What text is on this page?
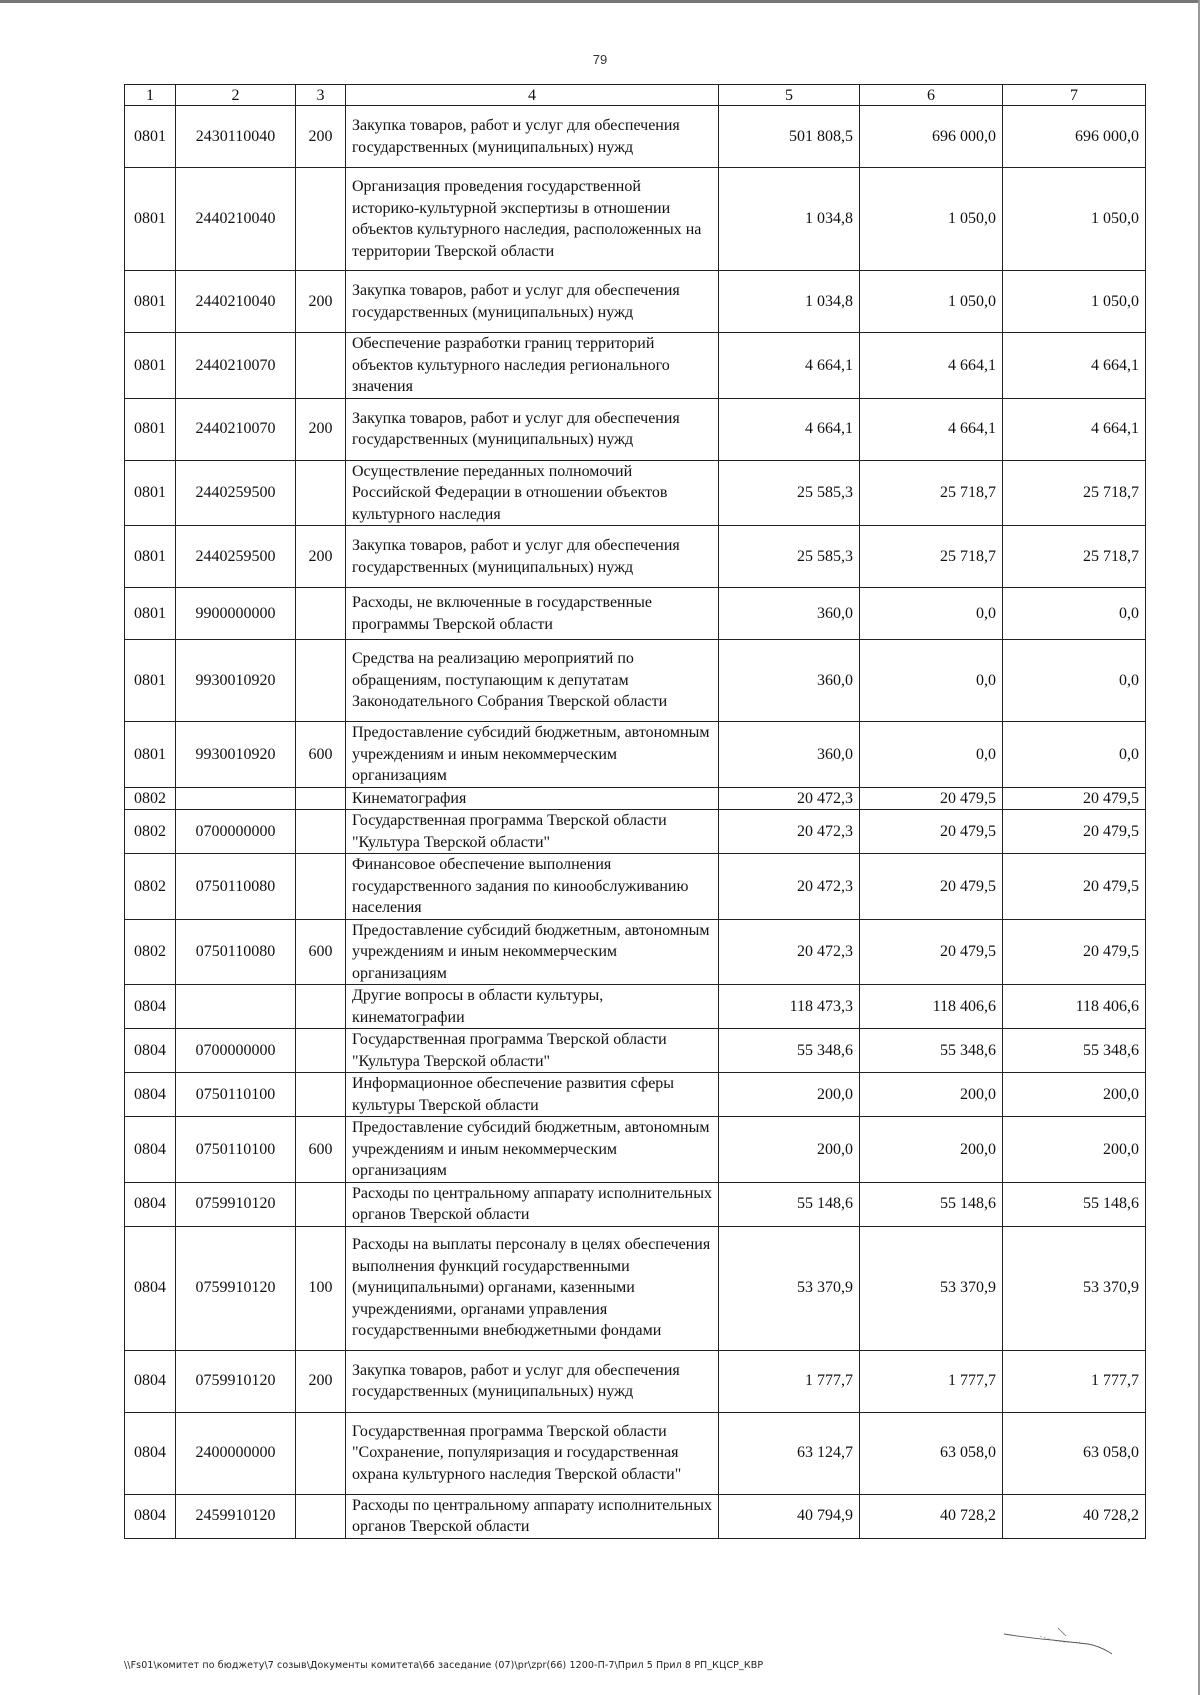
79
1	2	3	4	5	6	7
0801	2430110040	200	Закупка товаров, работ и услуг для обеспечения государственных (муниципальных) нужд	501 808,5	696 000,0	696 000,0
0801	2440210040		Организация проведения государственной историко-культурной экспертизы в отношении объектов культурного наследия, расположенных на территории Тверской области	1 034,8	1 050,0	1 050,0
0801	2440210040	200	Закупка товаров, работ и услуг для обеспечения государственных (муниципальных) нужд	1 034,8	1 050,0	1 050,0
0801	2440210070		Обеспечение разработки границ территорий объектов культурного наследия регионального значения	4 664,1	4 664,1	4 664,1
0801	2440210070	200	Закупка товаров, работ и услуг для обеспечения государственных (муниципальных) нужд	4 664,1	4 664,1	4 664,1
0801	2440259500		Осуществление переданных полномочий Российской Федерации в отношении объектов культурного наследия	25 585,3	25 718,7	25 718,7
0801	2440259500	200	Закупка товаров, работ и услуг для обеспечения государственных (муниципальных) нужд	25 585,3	25 718,7	25 718,7
0801	9900000000		Расходы, не включенные в государственные программы Тверской области	360,0	0,0	0,0
0801	9930010920		Средства на реализацию мероприятий по обращениям, поступающим к депутатам Законодательного Собрания Тверской области	360,0	0,0	0,0
0801	9930010920	600	Предоставление субсидий бюджетным, автономным учреждениям и иным некоммерческим организациям	360,0	0,0	0,0
0802			Кинематография	20 472,3	20 479,5	20 479,5
0802	0700000000		Государственная программа Тверской области "Культура Тверской области"	20 472,3	20 479,5	20 479,5
0802	0750110080		Финансовое обеспечение выполнения государственного задания по кинообслуживанию населения	20 472,3	20 479,5	20 479,5
0802	0750110080	600	Предоставление субсидий бюджетным, автономным учреждениям и иным некоммерческим организациям	20 472,3	20 479,5	20 479,5
0804			Другие вопросы в области культуры, кинематографии	118 473,3	118 406,6	118 406,6
0804	0700000000		Государственная программа Тверской области "Культура Тверской области"	55 348,6	55 348,6	55 348,6
0804	0750110100		Информационное обеспечение развития сферы культуры Тверской области	200,0	200,0	200,0
0804	0750110100	600	Предоставление субсидий бюджетным, автономным учреждениям и иным некоммерческим организациям	200,0	200,0	200,0
0804	0759910120		Расходы по центральному аппарату исполнительных органов Тверской области	55 148,6	55 148,6	55 148,6
0804	0759910120	100	Расходы на выплаты персоналу в целях обеспечения выполнения функций государственными (муниципальными) органами, казенными учреждениями, органами управления государственными внебюджетными фондами	53 370,9	53 370,9	53 370,9
0804	0759910120	200	Закупка товаров, работ и услуг для обеспечения государственных (муниципальных) нужд	1 777,7	1 777,7	1 777,7
0804	2400000000		Государственная программа Тверской области "Сохранение, популяризация и государственная охрана культурного наследия Тверской области"	63 124,7	63 058,0	63 058,0
0804	2459910120		Расходы по центральному аппарату исполнительных органов Тверской области	40 794,9	40 728,2	40 728,2
\\Fs01\комитет по бюджету\7 созыв\Документы комитета\66 заседание (07)\pr\zpr(66) 1200-П-7\Прил 5 Прил 8 РП_КЦСР_КВР
